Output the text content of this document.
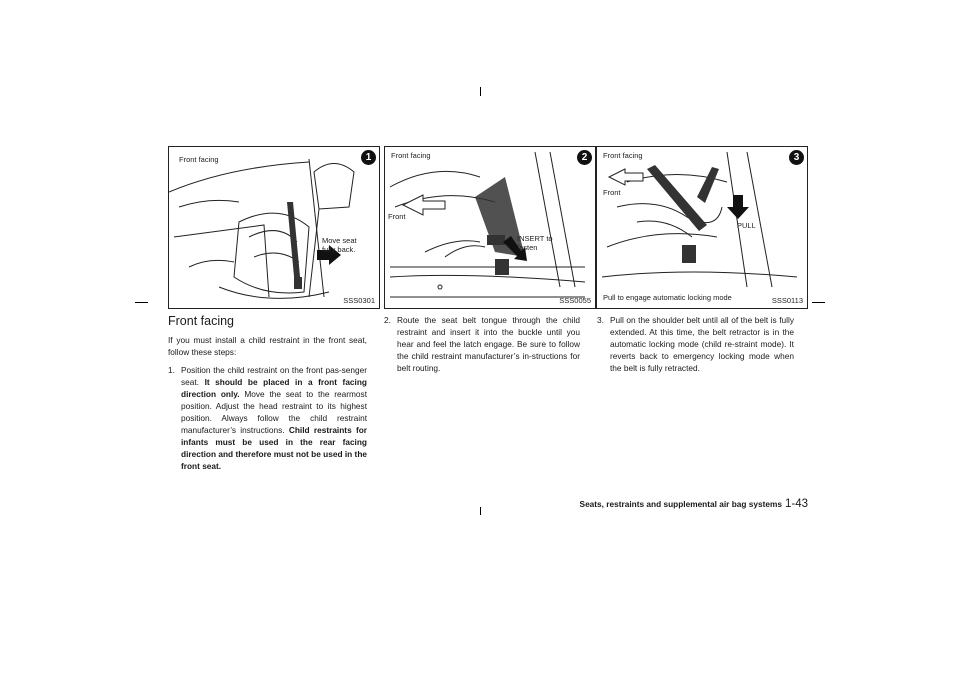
1
Front facing
Move seat
fully back.
SSS0301
2
Front facing
Front
INSERT to
fasten
SSS0055
3
Front facing
Front
PULL
Pull to engage automatic locking mode	SSS0113
Front facing

If you must install a child restraint in the front seat, follow these steps:

1. Position the child restraint on the front pas-senger seat. It should be placed in a front facing direction only. Move the seat to the rearmost position. Adjust the head restraint to its highest position. Always follow the child restraint manufacturer’s instructions. Child restraints for infants must be used in the rear facing direction and therefore must not be used in the front seat.
2. Route the seat belt tongue through the child restraint and insert it into the buckle until you hear and feel the latch engage. Be sure to follow the child restraint manufacturer’s in-structions for belt routing.
3. Pull on the shoulder belt until all of the belt is fully extended. At this time, the belt retractor is in the automatic locking mode (child re-straint mode). It reverts back to emergency locking mode when the belt is fully retracted.
Seats, restraints and supplemental air bag systems 1-43
